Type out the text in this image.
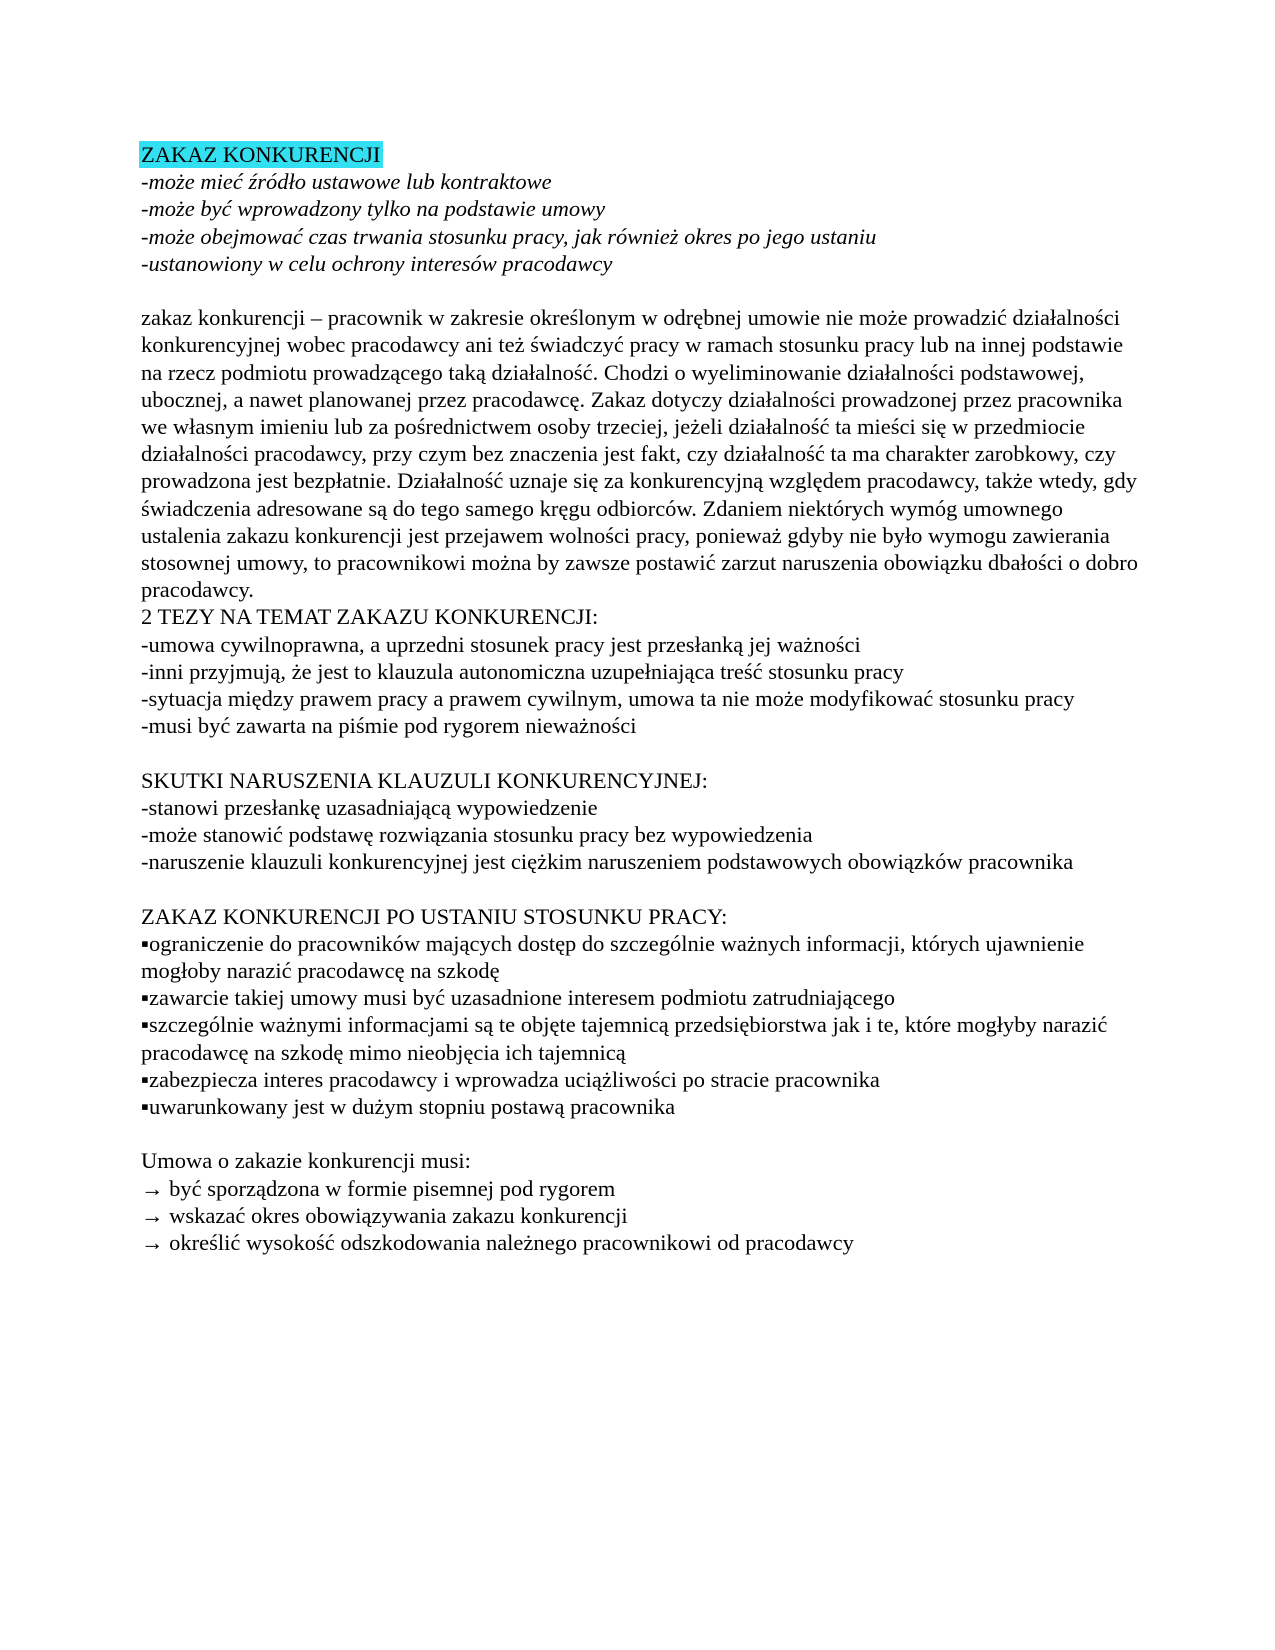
ZAKAZ KONKURENCJI
-może mieć źródło ustawowe lub kontraktowe
-może być wprowadzony tylko na podstawie umowy
-może obejmować czas trwania stosunku pracy, jak również okres po jego ustaniu
-ustanowiony w celu ochrony interesów pracodawcy

zakaz konkurencji – pracownik w zakresie określonym w odrębnej umowie nie może prowadzić działalności konkurencyjnej wobec pracodawcy ani też świadczyć pracy w ramach stosunku pracy lub na innej podstawie na rzecz podmiotu prowadzącego taką działalność. Chodzi o wyeliminowanie działalności podstawowej, ubocznej, a nawet planowanej przez pracodawcę. Zakaz dotyczy działalności prowadzonej przez pracownika we własnym imieniu lub za pośrednictwem osoby trzeciej, jeżeli działalność ta mieści się w przedmiocie działalności pracodawcy, przy czym bez znaczenia jest fakt, czy działalność ta ma charakter zarobkowy, czy prowadzona jest bezpłatnie. Działalność uznaje się za konkurencyjną względem pracodawcy, także wtedy, gdy świadczenia adresowane są do tego samego kręgu odbiorców. Zdaniem niektórych wymóg umownego ustalenia zakazu konkurencji jest przejawem wolności pracy, ponieważ gdyby nie było wymogu zawierania stosownej umowy, to pracownikowi można by zawsze postawić zarzut naruszenia obowiązku dbałości o dobro pracodawcy.

2 TEZY NA TEMAT ZAKAZU KONKURENCJI:
-umowa cywilnoprawna, a uprzedni stosunek pracy jest przesłanką jej ważności
-inni przyjmują, że jest to klauzula autonomiczna uzupełniająca treść stosunku pracy
-sytuacja między prawem pracy a prawem cywilnym, umowa ta nie może modyfikować stosunku pracy
-musi być zawarta na piśmie pod rygorem nieważności
SKUTKI NARUSZENIA KLAUZULI KONKURENCYJNEJ:
-stanowi przesłankę uzasadniającą wypowiedzenie
-może stanowić podstawę rozwiązania stosunku pracy bez wypowiedzenia
-naruszenie klauzuli konkurencyjnej jest ciężkim naruszeniem podstawowych obowiązków pracownika
ZAKAZ KONKURENCJI PO USTANIU STOSUNKU PRACY:
▪ograniczenie do pracowników mających dostęp do szczególnie ważnych informacji, których ujawnienie mogłoby narazić pracodawcę na szkodę
▪zawarcie takiej umowy musi być uzasadnione interesem podmiotu zatrudniającego
▪szczególnie ważnymi informacjami są te objęte tajemnicą przedsiębiorstwa jak i te, które mogłyby narazić pracodawcę na szkodę mimo nieobjęcia ich tajemnicą
▪zabezpiecza interes pracodawcy i wprowadza uciążliwości po stracie pracownika
▪uwarunkowany jest w dużym stopniu postawą pracownika
Umowa o zakazie konkurencji musi:
→ być sporządzona w formie pisemnej pod rygorem
→ wskazać okres obowiązywania zakazu konkurencji
→ określić wysokość odszkodowania należnego pracownikowi od pracodawcy
